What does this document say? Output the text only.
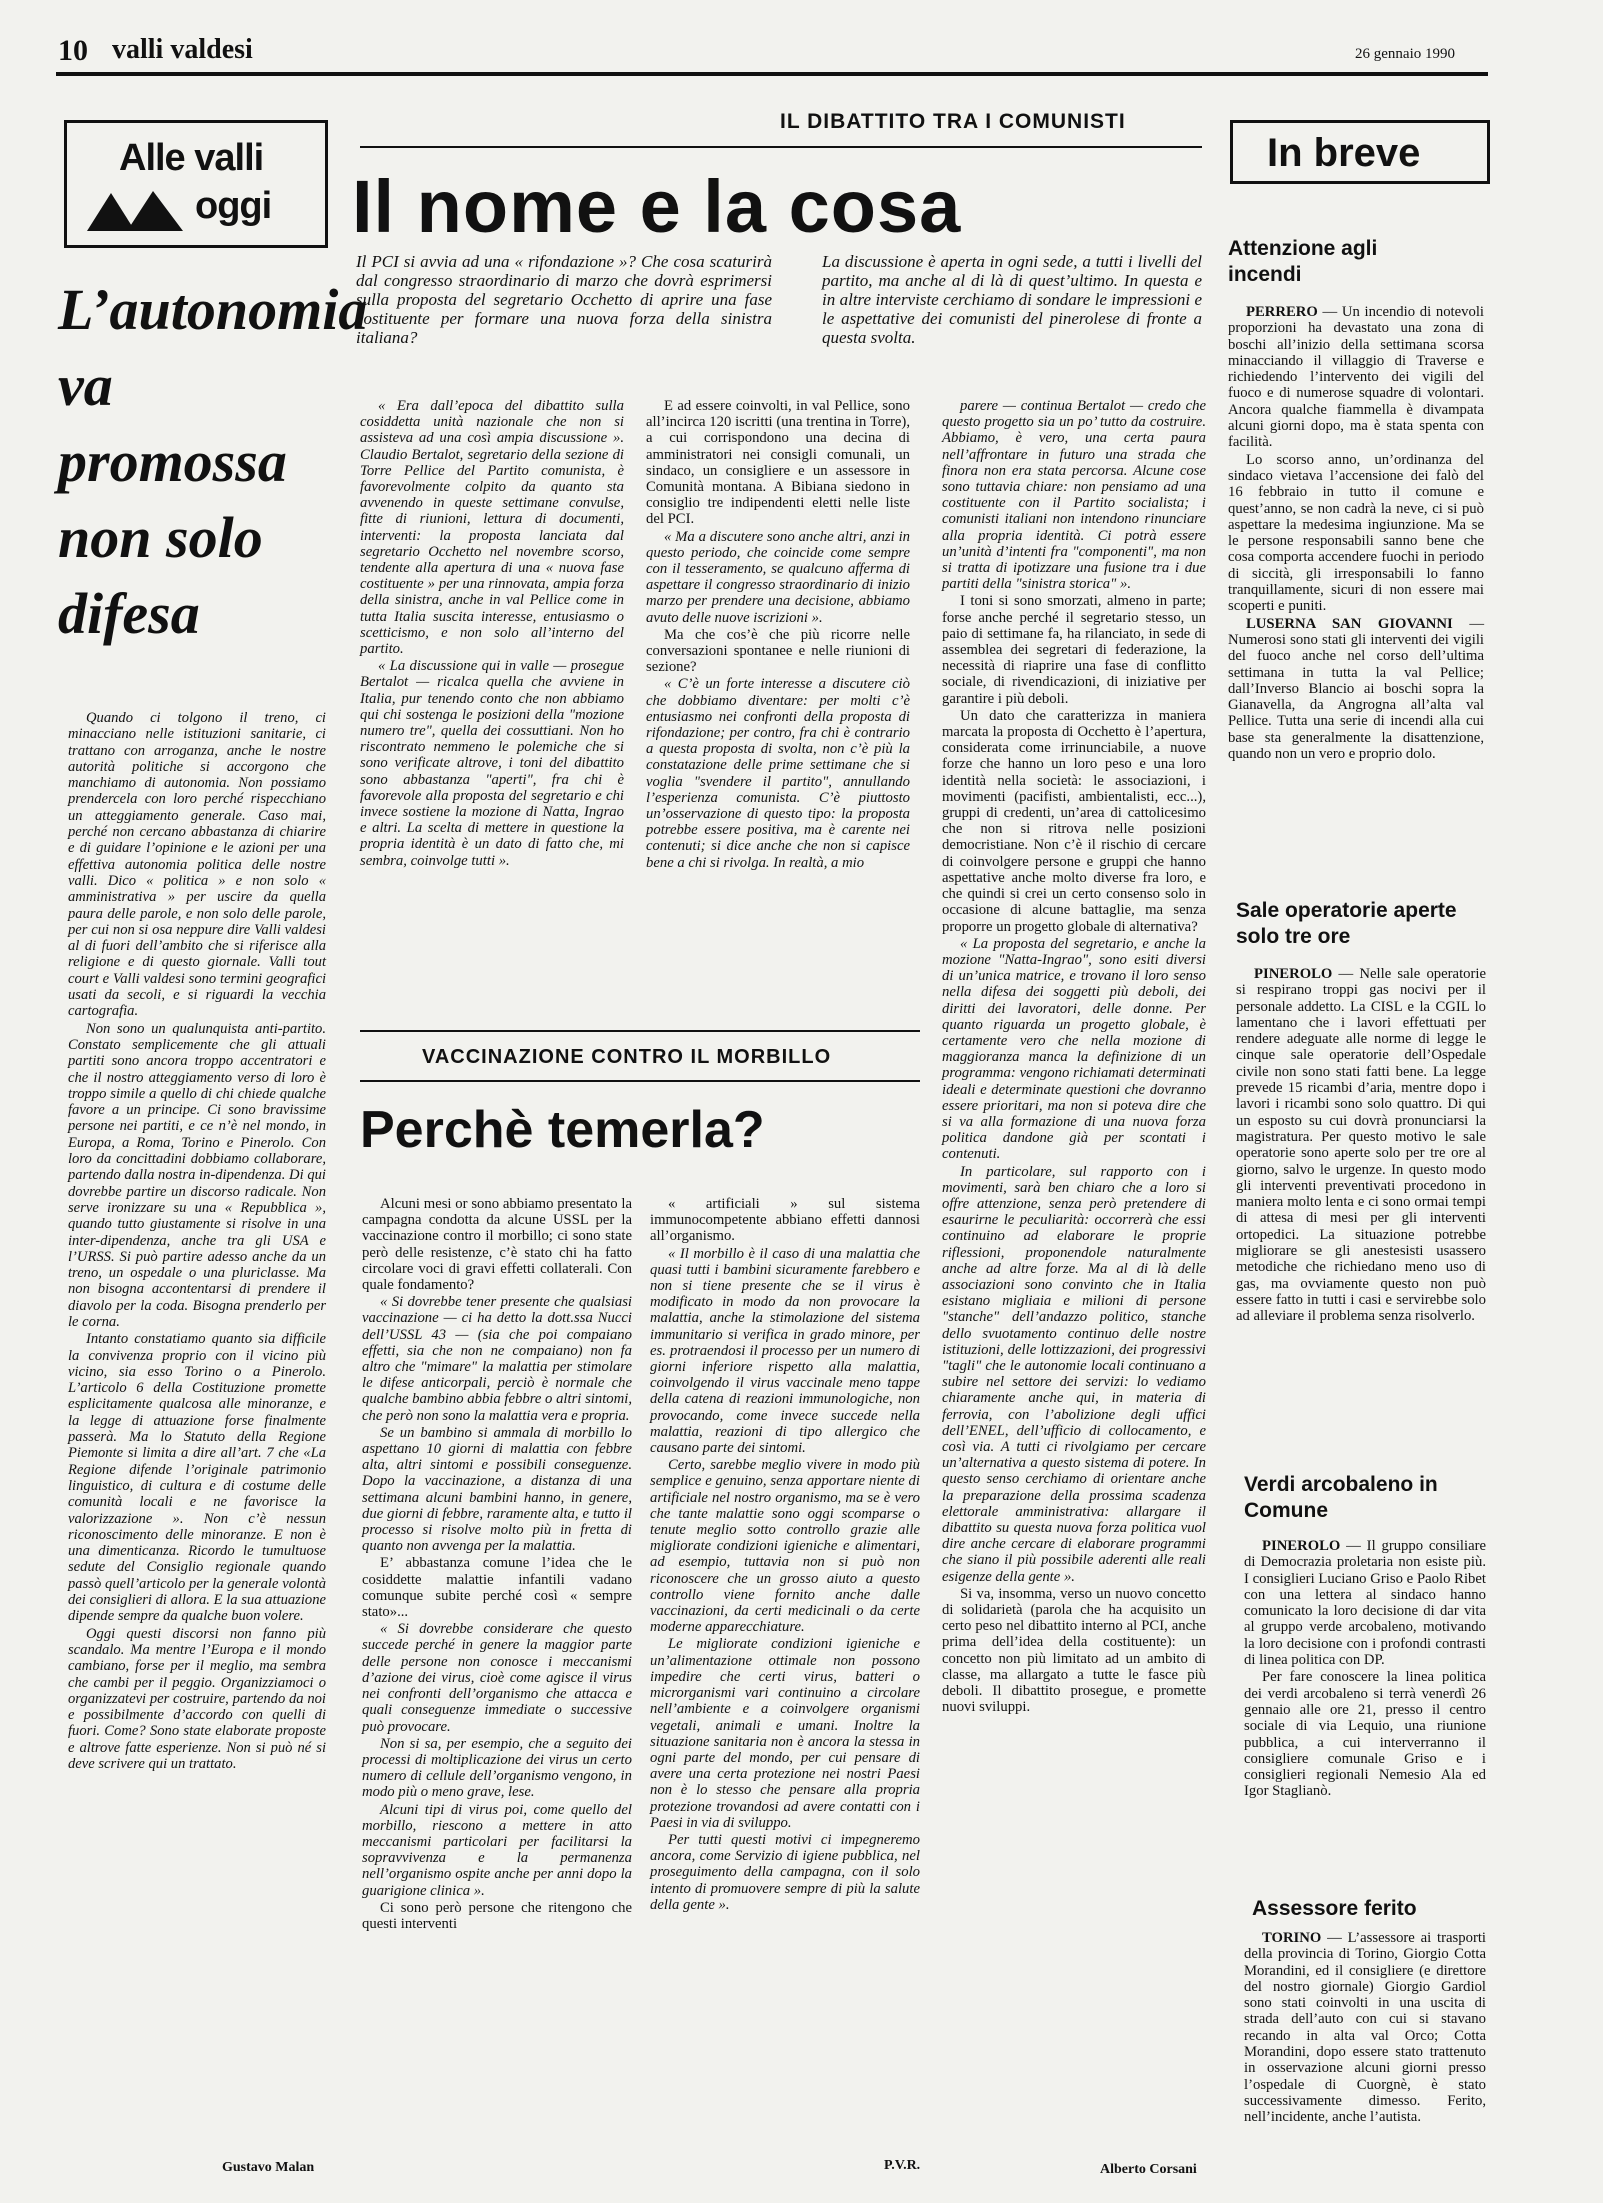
10 valli valdesi	26 gennaio 1990
Alle valli
oggi
L’autonomia va promossa non solo difesa

Quando ci tolgono il treno, ci minacciano nelle istituzioni sanitarie, ci trattano con arroganza, anche le nostre autorità politiche si accorgono che manchiamo di autonomia. Non possiamo prendercela con loro perché rispecchiano un atteggiamento generale. Caso mai, perché non cercano abbastanza di chiarire e di guidare l’opinione e le azioni per una effettiva autonomia politica delle nostre valli. Dico « politica » e non solo « amministrativa » per uscire da quella paura delle parole, e non solo delle parole, per cui non si osa neppure dire Valli valdesi al di fuori dell’ambito che si riferisce alla religione e di questo giornale. Valli tout court e Valli valdesi sono termini geografici usati da secoli, e si riguardi la vecchia cartografia.

Non sono un qualunquista anti-partito. Constato semplicemente che gli attuali partiti sono ancora troppo accentratori e che il nostro atteggiamento verso di loro è troppo simile a quello di chi chiede qualche favore a un principe. Ci sono bravissime persone nei partiti, e ce n’è nel mondo, in Europa, a Roma, Torino e Pinerolo. Con loro da concittadini dobbiamo collaborare, partendo dalla nostra in-dipendenza. Di qui dovrebbe partire un discorso radicale. Non serve ironizzare su una « Repubblica », quando tutto giustamente si risolve in una inter-dipendenza, anche tra gli USA e l’URSS. Si può partire adesso anche da un treno, un ospedale o una pluriclasse. Ma non bisogna accontentarsi di prendere il diavolo per la coda. Bisogna prenderlo per le corna.

Intanto constatiamo quanto sia difficile la convivenza proprio con il vicino più vicino, sia esso Torino o a Pinerolo. L’articolo 6 della Costituzione promette esplicitamente qualcosa alle minoranze, e la legge di attuazione forse finalmente passerà. Ma lo Statuto della Regione Piemonte si limita a dire all’art. 7 che «La Regione difende l’originale patrimonio linguistico, di cultura e di costume delle comunità locali e ne favorisce la valorizzazione ». Non c’è nessun riconoscimento delle minoranze. E non è una dimenticanza. Ricordo le tumultuose sedute del Consiglio regionale quando passò quell’articolo per la generale volontà dei consiglieri di allora. E la sua attuazione dipende sempre da qualche buon volere.

Oggi questi discorsi non fanno più scandalo. Ma mentre l’Europa e il mondo cambiano, forse per il meglio, ma sembra che cambi per il peggio. Organizziamoci o organizzatevi per costruire, partendo da noi e possibilmente d’accordo con quelli di fuori. Come? Sono state elaborate proposte e altrove fatte esperienze. Non si può né si deve scrivere qui un trattato.

Gustavo Malan
IL DIBATTITO TRA I COMUNISTI
Il nome e la cosa
Il PCI si avvia ad una « rifondazione »? Che cosa scaturirà dal congresso straordinario di marzo che dovrà esprimersi sulla proposta del segretario Occhetto di aprire una fase costituente per formare una nuova forza della sinistra italiana?
La discussione è aperta in ogni sede, a tutti i livelli del partito, ma anche al di là di quest’ultimo. In questa e in altre interviste cerchiamo di sondare le impressioni e le aspettative dei comunisti del pinerolese di fronte a questa svolta.

« Era dall’epoca del dibattito sulla cosiddetta unità nazionale che non si assisteva ad una così ampia discussione ». Claudio Bertalot, segretario della sezione di Torre Pellice del Partito comunista, è favorevolmente colpito da quanto sta avvenendo in queste settimane convulse, fitte di riunioni, lettura di documenti, interventi: la proposta lanciata dal segretario Occhetto nel novembre scorso, tendente alla apertura di una « nuova fase costituente » per una rinnovata, ampia forza della sinistra, anche in val Pellice come in tutta Italia suscita interesse, entusiasmo o scetticismo, e non solo all’interno del partito.

« La discussione qui in valle — prosegue Bertalot — ricalca quella che avviene in Italia, pur tenendo conto che non abbiamo qui chi sostenga le posizioni della "mozione numero tre", quella dei cossuttiani. Non ho riscontrato nemmeno le polemiche che si sono verificate altrove, i toni del dibattito sono abbastanza "aperti", fra chi è favorevole alla proposta del segretario e chi invece sostiene la mozione di Natta, Ingrao e altri. La scelta di mettere in questione la propria identità è un dato di fatto che, mi sembra, coinvolge tutti ».

E ad essere coinvolti, in val Pellice, sono all’incirca 120 iscritti (una trentina in Torre), a cui corrispondono una decina di amministratori nei consigli comunali, un sindaco, un consigliere e un assessore in Comunità montana. A Bibiana siedono in consiglio tre indipendenti eletti nelle liste del PCI.

« Ma a discutere sono anche altri, anzi in questo periodo, che coincide come sempre con il tesseramento, se qualcuno afferma di aspettare il congresso straordinario di inizio marzo per prendere una decisione, abbiamo avuto delle nuove iscrizioni ».

Ma che cos’è che più ricorre nelle conversazioni spontanee e nelle riunioni di sezione?

« C’è un forte interesse a discutere ciò che dobbiamo diventare: per molti c’è entusiasmo nei confronti della proposta di rifondazione; per contro, fra chi è contrario a questa proposta di svolta, non c’è più la constatazione delle prime settimane che si voglia "svendere il partito", annullando l’esperienza comunista. C’è piuttosto un’osservazione di questo tipo: la proposta potrebbe essere positiva, ma è carente nei contenuti; si dice anche che non si capisce bene a chi si rivolga. In realtà, a mio

parere — continua Bertalot — credo che questo progetto sia un po’ tutto da costruire. Abbiamo, è vero, una certa paura nell’affrontare in futuro una strada che finora non era stata percorsa. Alcune cose sono tuttavia chiare: non pensiamo ad una costituente con il Partito socialista; i comunisti italiani non intendono rinunciare alla propria identità. Ci potrà essere un’unità d’intenti fra "componenti", ma non si tratta di ipotizzare una fusione tra i due partiti della "sinistra storica" ».

I toni si sono smorzati, almeno in parte; forse anche perché il segretario stesso, un paio di settimane fa, ha rilanciato, in sede di assemblea dei segretari di federazione, la necessità di riaprire una fase di conflitto sociale, di rivendicazioni, di iniziative per garantire i più deboli.

Un dato che caratterizza in maniera marcata la proposta di Occhetto è l’apertura, considerata come irrinunciabile, a nuove forze che hanno un loro peso e una loro identità nella società: le associazioni, i movimenti (pacifisti, ambientalisti, ecc...), gruppi di credenti, un’area di cattolicesimo che non si ritrova nelle posizioni democristiane. Non c’è il rischio di cercare di coinvolgere persone e gruppi che hanno aspettative anche molto diverse fra loro, e che quindi si crei un certo consenso solo in occasione di alcune battaglie, ma senza proporre un progetto globale di alternativa?

« La proposta del segretario, e anche la mozione "Natta-Ingrao", sono esiti diversi di un’unica matrice, e trovano il loro senso nella difesa dei soggetti più deboli, dei diritti dei lavoratori, delle donne. Per quanto riguarda un progetto globale, è certamente vero che nella mozione di maggioranza manca la definizione di un programma: vengono richiamati determinati ideali e determinate questioni che dovranno essere prioritari, ma non si poteva dire che si va alla formazione di una nuova forza politica dandone già per scontati i contenuti.

In particolare, sul rapporto con i movimenti, sarà ben chiaro che a loro si offre attenzione, senza però pretendere di esaurirne le peculiarità: occorrerà che essi continuino ad elaborare le proprie riflessioni, proponendole naturalmente anche ad altre forze. Ma al di là delle associazioni sono convinto che in Italia esistano migliaia e milioni di persone "stanche" dell’andazzo politico, stanche dello svuotamento continuo delle nostre istituzioni, delle lottizzazioni, dei progressivi "tagli" che le autonomie locali continuano a subire nel settore dei servizi: lo vediamo chiaramente anche qui, in materia di ferrovia, con l’abolizione degli uffici dell’ENEL, dell’ufficio di collocamento, e così via. A tutti ci rivolgiamo per cercare un’alternativa a questo sistema di potere. In questo senso cerchiamo di orientare anche la preparazione della prossima scadenza elettorale amministrativa: allargare il dibattito su questa nuova forza politica vuol dire anche cercare di elaborare programmi che siano il più possibile aderenti alle reali esigenze della gente ».

Si va, insomma, verso un nuovo concetto di solidarietà (parola che ha acquisito un certo peso nel dibattito interno al PCI, anche prima dell’idea della costituente): un concetto non più limitato ad un ambito di classe, ma allargato a tutte le fasce più deboli. Il dibattito prosegue, e promette nuovi sviluppi.

Alberto Corsani
VACCINAZIONE CONTRO IL MORBILLO
Perchè temerla?

Alcuni mesi or sono abbiamo presentato la campagna condotta da alcune USSL per la vaccinazione contro il morbillo; ci sono state però delle resistenze, c’è stato chi ha fatto circolare voci di gravi effetti collaterali. Con quale fondamento?

« Si dovrebbe tener presente che qualsiasi vaccinazione — ci ha detto la dott.ssa Nucci dell’USSL 43 — (sia che poi compaiano effetti, sia che non ne compaiano) non fa altro che "mimare" la malattia per stimolare le difese anticorpali, perciò è normale che qualche bambino abbia febbre o altri sintomi, che però non sono la malattia vera e propria.

Se un bambino si ammala di morbillo lo aspettano 10 giorni di malattia con febbre alta, altri sintomi e possibili conseguenze. Dopo la vaccinazione, a distanza di una settimana alcuni bambini hanno, in genere, due giorni di febbre, raramente alta, e tutto il processo si risolve molto più in fretta di quanto non avvenga per la malattia.

E’ abbastanza comune l’idea che le cosiddette malattie infantili vadano comunque subite perché così « sempre stato»...

« Si dovrebbe considerare che questo succede perché in genere la maggior parte delle persone non conosce i meccanismi d’azione dei virus, cioè come agisce il virus nei confronti dell’organismo che attacca e quali conseguenze immediate o successive può provocare.

Non si sa, per esempio, che a seguito dei processi di moltiplicazione dei virus un certo numero di cellule dell’organismo vengono, in modo più o meno grave, lese.

Alcuni tipi di virus poi, come quello del morbillo, riescono a mettere in atto meccanismi particolari per facilitarsi la sopravvivenza e la permanenza nell’organismo ospite anche per anni dopo la guarigione clinica ».

Ci sono però persone che ritengono che questi interventi

« artificiali » sul sistema immunocompetente abbiano effetti dannosi all’organismo.

« Il morbillo è il caso di una malattia che quasi tutti i bambini sicuramente farebbero e non si tiene presente che se il virus è modificato in modo da non provocare la malattia, anche la stimolazione del sistema immunitario si verifica in grado minore, per es. protraendosi il processo per un numero di giorni inferiore rispetto alla malattia, coinvolgendo il virus vaccinale meno tappe della catena di reazioni immunologiche, non provocando, come invece succede nella malattia, reazioni di tipo allergico che causano parte dei sintomi.

Certo, sarebbe meglio vivere in modo più semplice e genuino, senza apportare niente di artificiale nel nostro organismo, ma se è vero che tante malattie sono oggi scomparse o tenute meglio sotto controllo grazie alle migliorate condizioni igieniche e alimentari, ad esempio, tuttavia non si può non riconoscere che un grosso aiuto a questo controllo viene fornito anche dalle vaccinazioni, da certi medicinali o da certe moderne apparecchiature.

Le migliorate condizioni igieniche e un’alimentazione ottimale non possono impedire che certi virus, batteri o microrganismi vari continuino a circolare nell’ambiente e a coinvolgere organismi vegetali, animali e umani. Inoltre la situazione sanitaria non è ancora la stessa in ogni parte del mondo, per cui pensare di avere una certa protezione nei nostri Paesi non è lo stesso che pensare alla propria protezione trovandosi ad avere contatti con i Paesi in via di sviluppo.

Per tutti questi motivi ci impegneremo ancora, come Servizio di igiene pubblica, nel proseguimento della campagna, con il solo intento di promuovere sempre di più la salute della gente ».

P.V.R.
In breve
Attenzione agli incendi

PERRERO — Un incendio di notevoli proporzioni ha devastato una zona di boschi all’inizio della settimana scorsa minacciando il villaggio di Traverse e richiedendo l’intervento dei vigili del fuoco e di numerose squadre di volontari. Ancora qualche fiammella è divampata alcuni giorni dopo, ma è stata spenta con facilità.

Lo scorso anno, un’ordinanza del sindaco vietava l’accensione dei falò del 16 febbraio in tutto il comune e quest’anno, se non cadrà la neve, ci si può aspettare la medesima ingiunzione. Ma se le persone responsabili sanno bene che cosa comporta accendere fuochi in periodo di siccità, gli irresponsabili lo fanno tranquillamente, sicuri di non essere mai scoperti e puniti.

LUSERNA SAN GIOVANNI — Numerosi sono stati gli interventi dei vigili del fuoco anche nel corso dell’ultima settimana in tutta la val Pellice; dall’Inverso Blancio ai boschi sopra la Gianavella, da Angrogna all’alta val Pellice. Tutta una serie di incendi alla cui base sta generalmente la disattenzione, quando non un vero e proprio dolo.

Sale operatorie aperte solo tre ore

PINEROLO — Nelle sale operatorie si respirano troppi gas nocivi per il personale addetto. La CISL e la CGIL lo lamentano che i lavori effettuati per rendere adeguate alle norme di legge le cinque sale operatorie dell’Ospedale civile non sono stati fatti bene. La legge prevede 15 ricambi d’aria, mentre dopo i lavori i ricambi sono solo quattro. Di qui un esposto su cui dovrà pronunciarsi la magistratura. Per questo motivo le sale operatorie sono aperte solo per tre ore al giorno, salvo le urgenze. In questo modo gli interventi preventivati procedono in maniera molto lenta e ci sono ormai tempi di attesa di mesi per gli interventi ortopedici. La situazione potrebbe migliorare se gli anestesisti usassero metodiche che richiedano meno uso di gas, ma ovviamente questo non può essere fatto in tutti i casi e servirebbe solo ad alleviare il problema senza risolverlo.

Verdi arcobaleno in Comune

PINEROLO — Il gruppo consiliare di Democrazia proletaria non esiste più. I consiglieri Luciano Griso e Paolo Ribet con una lettera al sindaco hanno comunicato la loro decisione di dar vita al gruppo verde arcobaleno, motivando la loro decisione con i profondi contrasti di linea politica con DP.

Per fare conoscere la linea politica dei verdi arcobaleno si terrà venerdì 26 gennaio alle ore 21, presso il centro sociale di via Lequio, una riunione pubblica, a cui interverranno il consigliere comunale Griso e i consiglieri regionali Nemesio Ala ed Igor Staglianò.

Assessore ferito

TORINO — L’assessore ai trasporti della provincia di Torino, Giorgio Cotta Morandini, ed il consigliere (e direttore del nostro giornale) Giorgio Gardiol sono stati coinvolti in una uscita di strada dell’auto con cui si stavano recando in alta val Orco; Cotta Morandini, dopo essere stato trattenuto in osservazione alcuni giorni presso l’ospedale di Cuorgnè, è stato successivamente dimesso. Ferito, nell’incidente, anche l’autista.
